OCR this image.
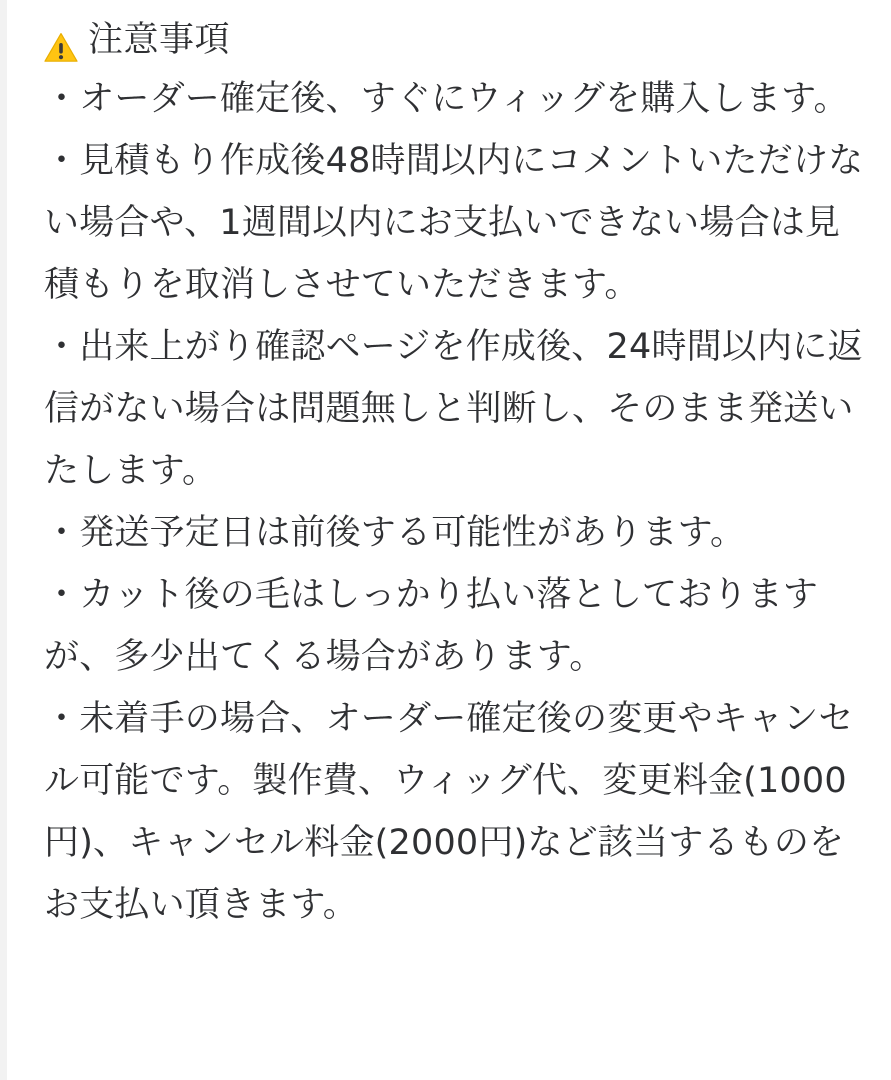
注意事項
・オーダー確定後、すぐにウィッグを購入します。
・見積もり作成後48時間以内にコメントいただけない場合や、1週間以内にお支払いできない場合は見積もりを取消しさせていただきます。
・出来上がり確認ページを作成後、24時間以内に返信がない場合は問題無しと判断し、そのまま発送いたします。
・発送予定日は前後する可能性があります。
・カット後の毛はしっかり払い落としておりますが、多少出てくる場合があります。
・未着手の場合、オーダー確定後の変更やキャンセル可能です。製作費、ウィッグ代、変更料金(1000円)、キャンセル料金(2000円)など該当するものをお支払い頂きます。
